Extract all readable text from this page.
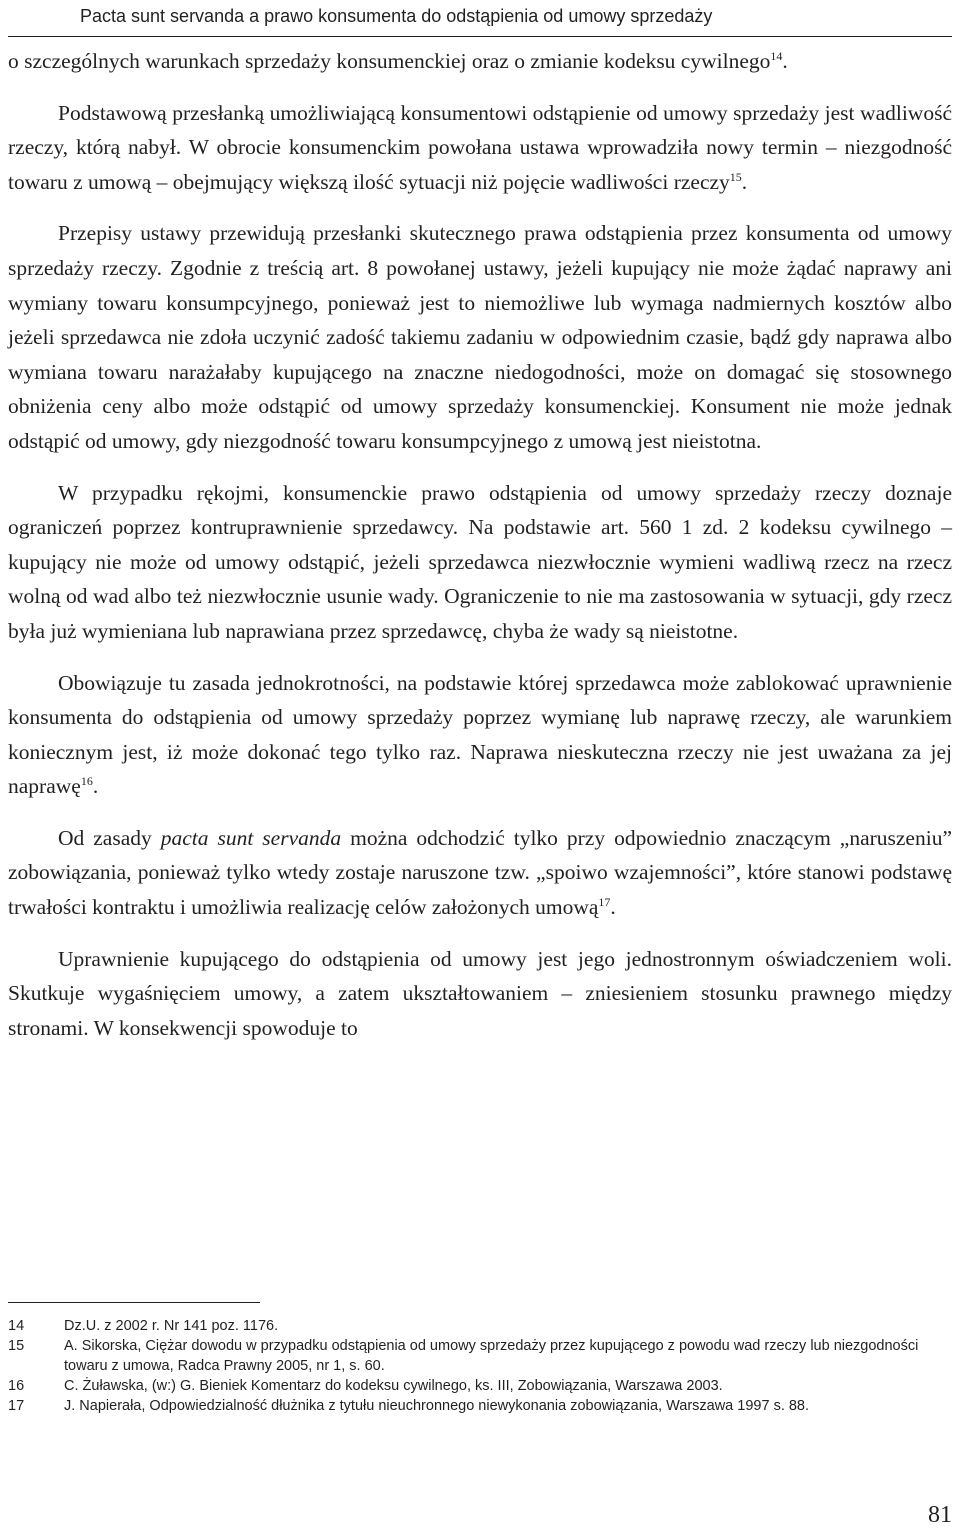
Pacta sunt servanda a prawo konsumenta do odstąpienia od umowy sprzedaży

o szczególnych warunkach sprzedaży konsumenckiej oraz o zmianie kodeksu cywilnego$^{14}$.

Podstawową przesłanką umożliwiającą konsumentowi odstąpienie od umowy sprzedaży jest wadliwość rzeczy, którą nabył. W obrocie konsumenckim powołana ustawa wprowadziła nowy termin – niezgodność towaru z umową – obejmujący większą ilość sytuacji niż pojęcie wadliwości rzeczy$^{15}$.

Przepisy ustawy przewidują przesłanki skutecznego prawa odstąpienia przez konsumenta od umowy sprzedaży rzeczy. Zgodnie z treścią art. 8 powołanej ustawy, jeżeli kupujący nie może żądać naprawy ani wymiany towaru konsumpcyjnego, ponieważ jest to niemożliwe lub wymaga nadmiernych kosztów albo jeżeli sprzedawca nie zdoła uczynić zadość takiemu zadaniu w odpowiednim czasie, bądź gdy naprawa albo wymiana towaru narażałaby kupującego na znaczne niedogodności, może on domagać się stosownego obniżenia ceny albo może odstąpić od umowy sprzedaży konsumenckiej. Konsument nie może jednak odstąpić od umowy, gdy niezgodność towaru konsumpcyjnego z umową jest nieistotna.

W przypadku rękojmi, konsumenckie prawo odstąpienia od umowy sprzedaży rzeczy doznaje ograniczeń poprzez kontruprawnienie sprzedawcy. Na podstawie art. 560 1 zd. 2 kodeksu cywilnego – kupujący nie może od umowy odstąpić, jeżeli sprzedawca niezwłocznie wymieni wadliwą rzecz na rzecz wolną od wad albo też niezwłocznie usunie wady. Ograniczenie to nie ma zastosowania w sytuacji, gdy rzecz była już wymieniana lub naprawiana przez sprzedawcę, chyba że wady są nieistotne.

Obowiązuje tu zasada jednokrotności, na podstawie której sprzedawca może zablokować uprawnienie konsumenta do odstąpienia od umowy sprzedaży poprzez wymianę lub naprawę rzeczy, ale warunkiem koniecznym jest, iż może dokonać tego tylko raz. Naprawa nieskuteczna rzeczy nie jest uważana za jej naprawę$^{16}$.

Od zasady pacta sunt servanda można odchodzić tylko przy odpowiednio znaczącym „naruszeniu” zobowiązania, ponieważ tylko wtedy zostaje naruszone tzw. „spoiwo wzajemności”, które stanowi podstawę trwałości kontraktu i umożliwia realizację celów założonych umową$^{17}$.

Uprawnienie kupującego do odstąpienia od umowy jest jego jednostronnym oświadczeniem woli. Skutkuje wygaśnięciem umowy, a zatem ukształtowaniem – zniesieniem stosunku prawnego między stronami. W konsekwencji spowoduje to

14	Dz.U. z 2002 r. Nr 141 poz. 1176.
15	A. Sikorska, Ciężar dowodu w przypadku odstąpienia od umowy sprzedaży przez kupującego z powodu wad rzeczy lub niezgodności towaru z umowa, Radca Prawny 2005, nr 1, s. 60.
16	C. Żuławska, (w:) G. Bieniek Komentarz do kodeksu cywilnego, ks. III, Zobowiązania, Warszawa 2003.
17	J. Napierała, Odpowiedzialność dłużnika z tytułu nieuchronnego niewykonania zobowiązania, Warszawa 1997 s. 88.
81
